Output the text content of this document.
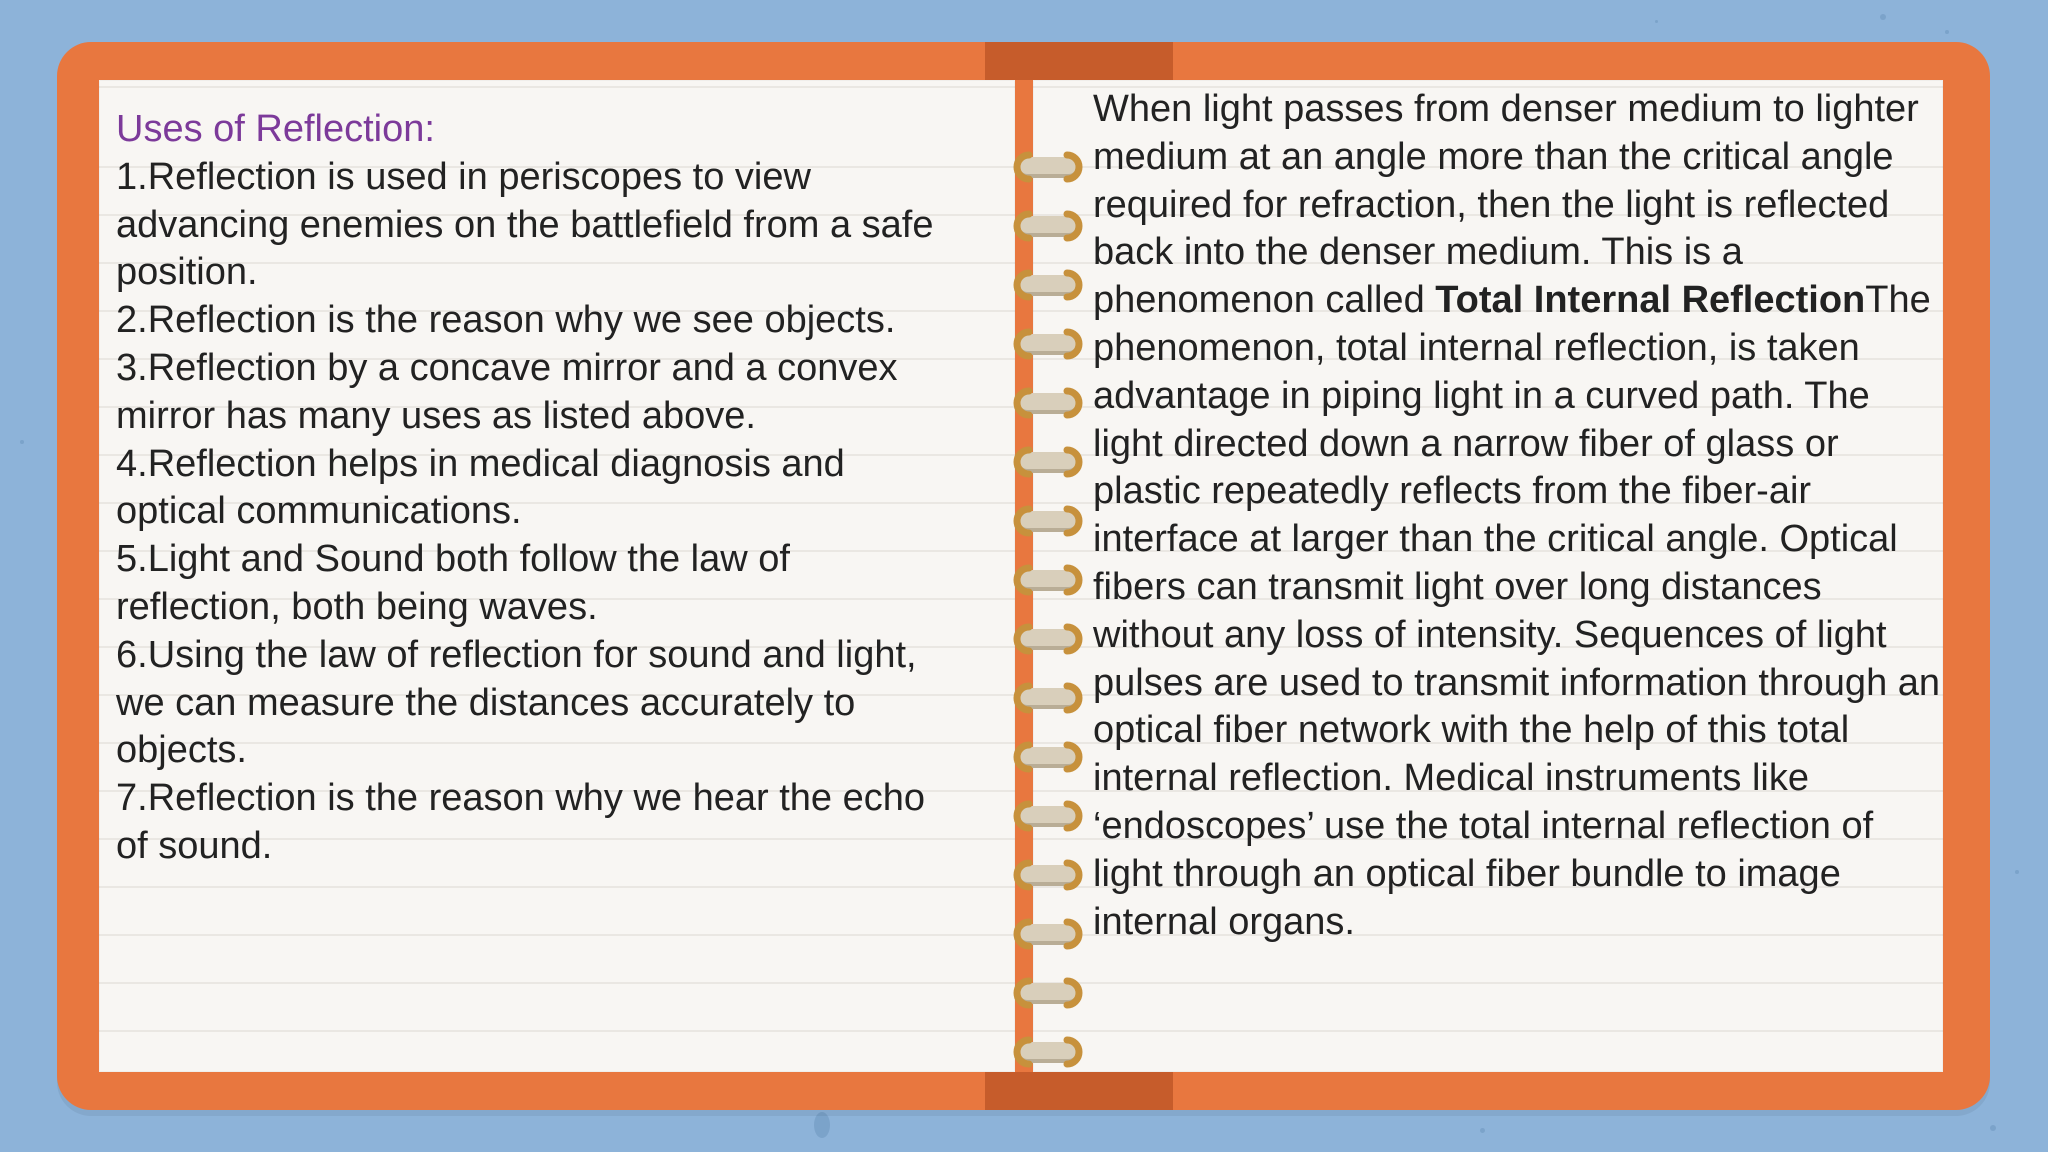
Uses of Reflection:
1.Reflection is used in periscopes to view advancing enemies on the battlefield from a safe position.
2.Reflection is the reason why we see objects.
3.Reflection by a concave mirror and a convex mirror has many uses as listed above.
4.Reflection helps in medical diagnosis and optical communications.
5.Light and Sound both follow the law of reflection, both being waves.
6.Using the law of reflection for sound and light, we can measure the distances accurately to objects.
7.Reflection is the reason why we hear the echo of sound.
When light passes from denser medium to lighter medium at an angle more than the critical angle required for refraction, then the light is reflected back into the denser medium. This is a phenomenon called Total Internal ReflectionThe phenomenon, total internal reflection, is taken advantage in piping light in a curved path. The light directed down a narrow fiber of glass or plastic repeatedly reflects from the fiber-air interface at larger than the critical angle. Optical fibers can transmit light over long distances without any loss of intensity. Sequences of light pulses are used to transmit information through an optical fiber network with the help of this total internal reflection. Medical instruments like ‘endoscopes’ use the total internal reflection of light through an optical fiber bundle to image internal organs.
